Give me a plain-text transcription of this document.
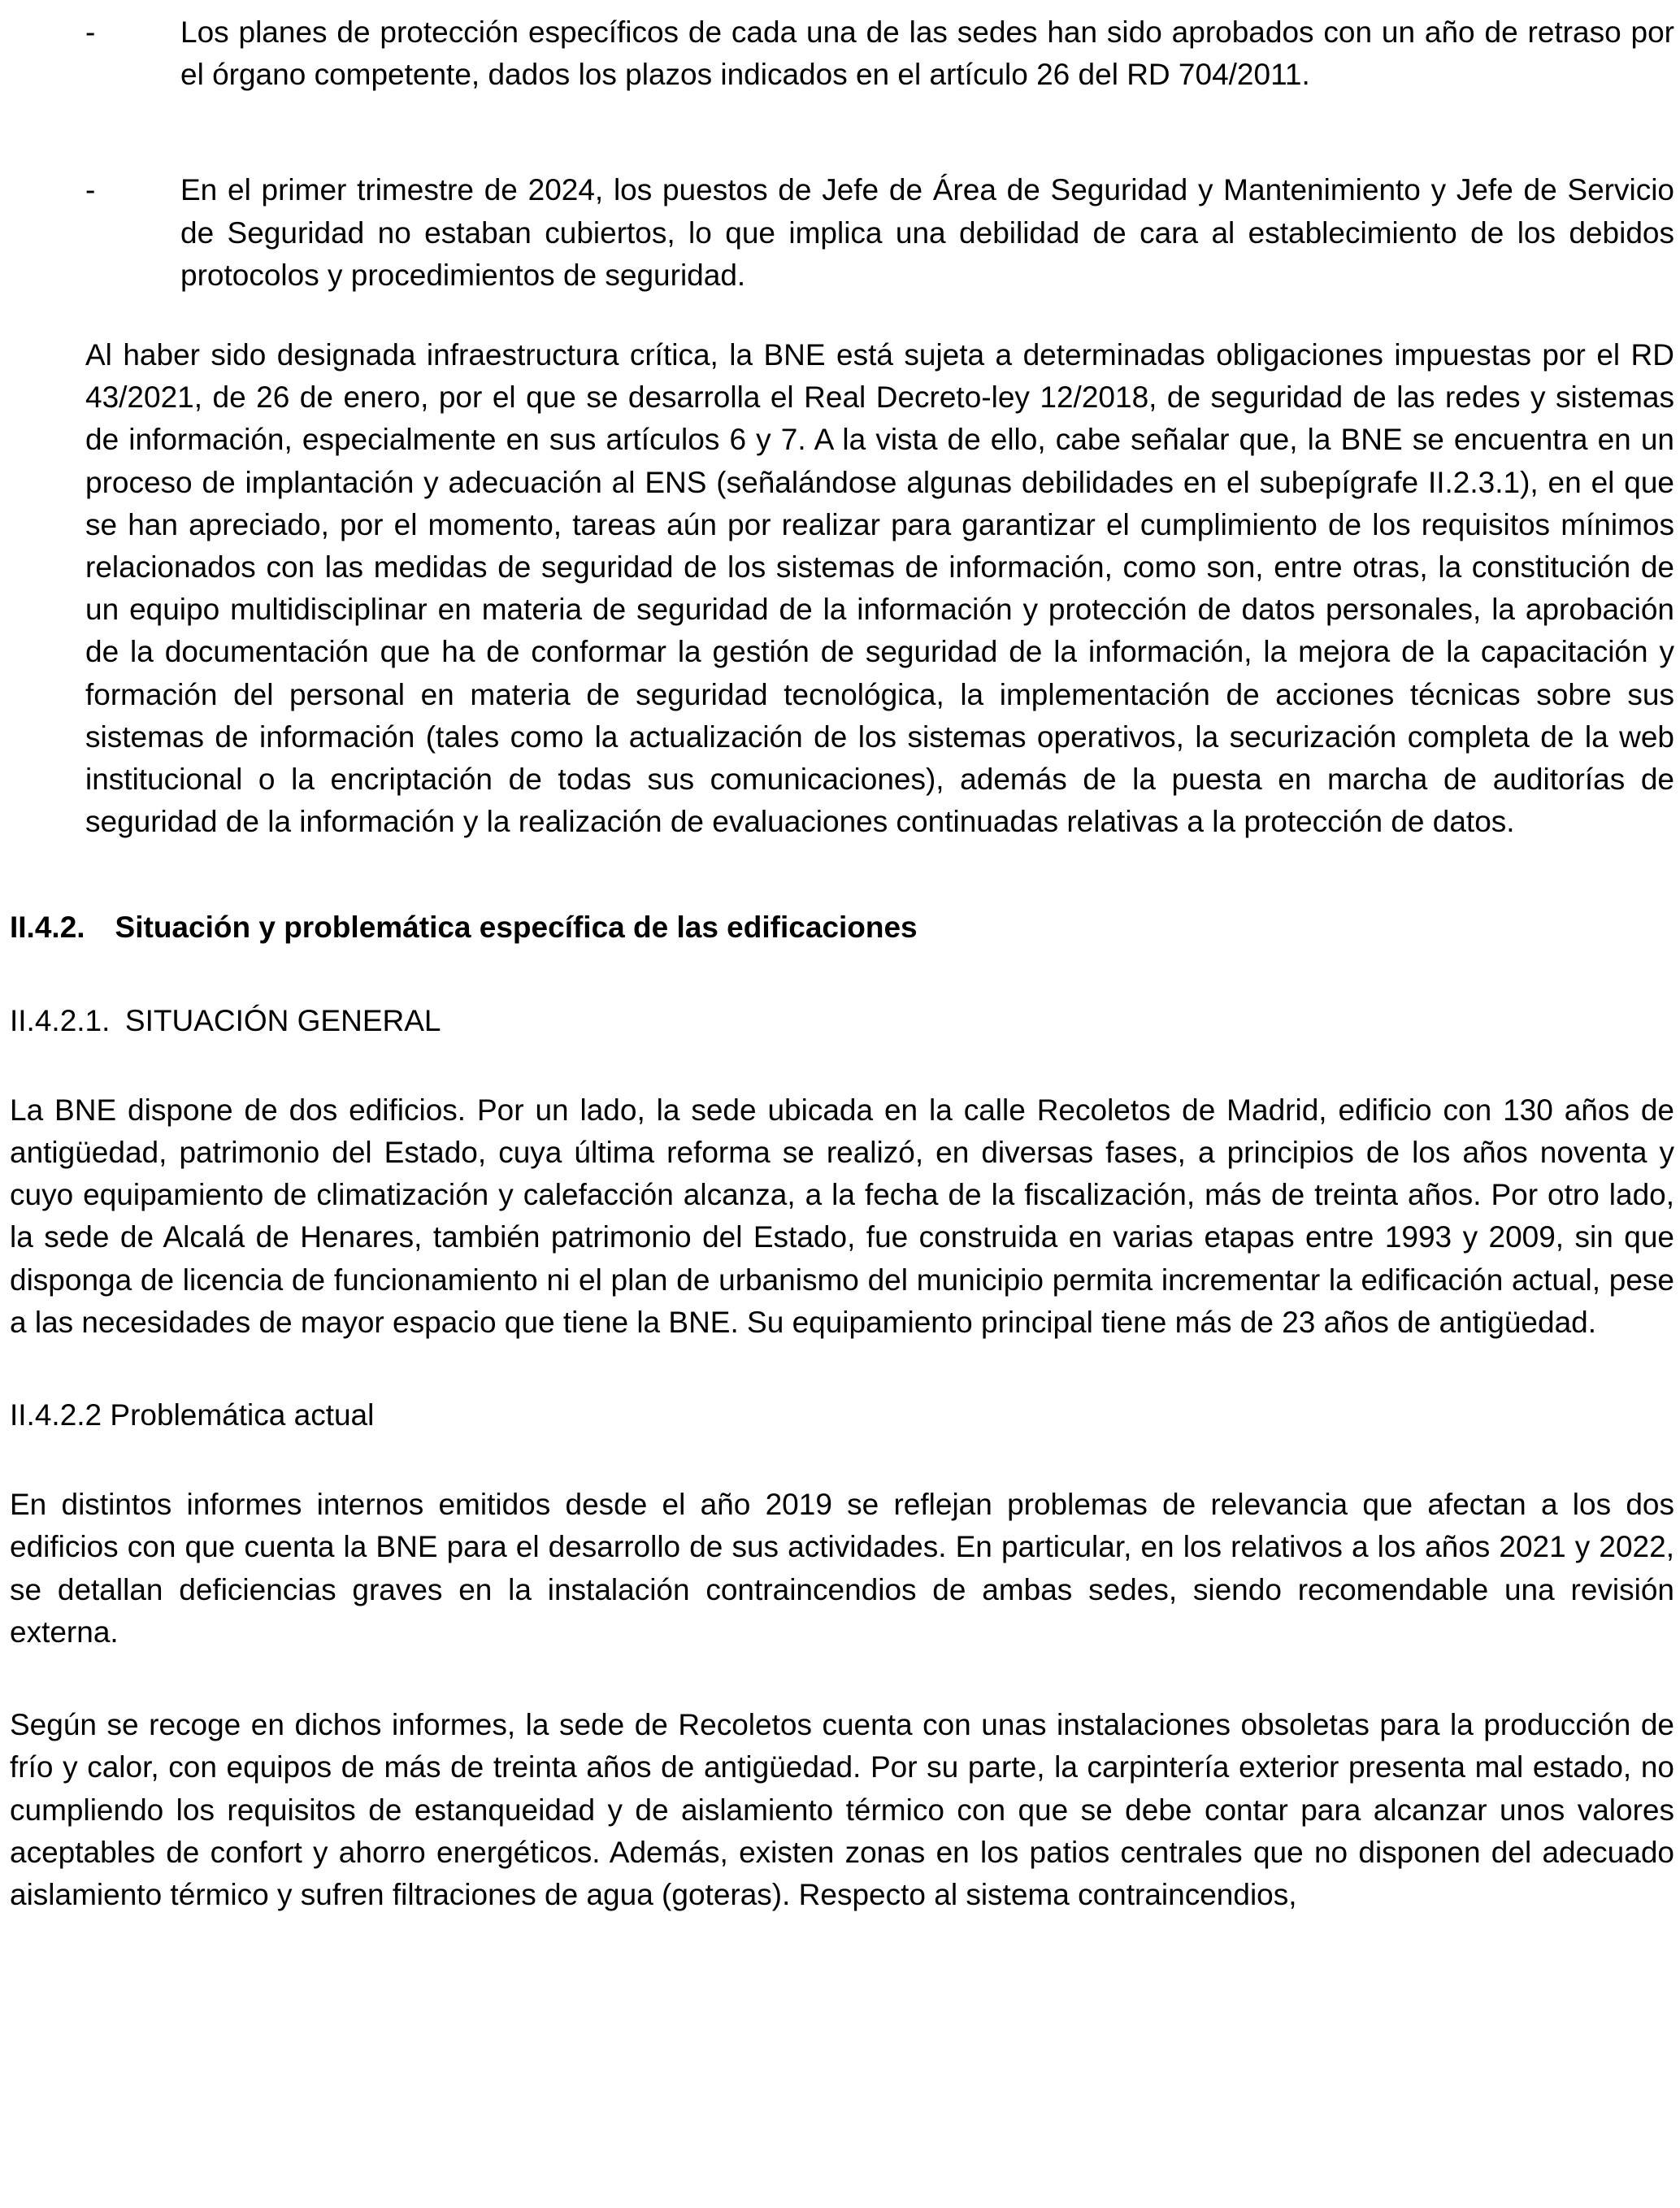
-	Los planes de protección específicos de cada una de las sedes han sido aprobados con un año de retraso por el órgano competente, dados los plazos indicados en el artículo 26 del RD 704/2011.
-	En el primer trimestre de 2024, los puestos de Jefe de Área de Seguridad y Mantenimiento y Jefe de Servicio de Seguridad no estaban cubiertos, lo que implica una debilidad de cara al establecimiento de los debidos protocolos y procedimientos de seguridad.

Al haber sido designada infraestructura crítica, la BNE está sujeta a determinadas obligaciones impuestas por el RD 43/2021, de 26 de enero, por el que se desarrolla el Real Decreto-ley 12/2018, de seguridad de las redes y sistemas de información, especialmente en sus artículos 6 y 7. A la vista de ello, cabe señalar que, la BNE se encuentra en un proceso de implantación y adecuación al ENS (señalándose algunas debilidades en el subepígrafe II.2.3.1), en el que se han apreciado, por el momento, tareas aún por realizar para garantizar el cumplimiento de los requisitos mínimos relacionados con las medidas de seguridad de los sistemas de información, como son, entre otras, la constitución de un equipo multidisciplinar en materia de seguridad de la información y protección de datos personales, la aprobación de la documentación que ha de conformar la gestión de seguridad de la información, la mejora de la capacitación y formación del personal en materia de seguridad tecnológica, la implementación de acciones técnicas sobre sus sistemas de información (tales como la actualización de los sistemas operativos, la securización completa de la web institucional o la encriptación de todas sus comunicaciones), además de la puesta en marcha de auditorías de seguridad de la información y la realización de evaluaciones continuadas relativas a la protección de datos.

II.4.2. Situación y problemática específica de las edificaciones
II.4.2.1. SITUACIÓN GENERAL

La BNE dispone de dos edificios. Por un lado, la sede ubicada en la calle Recoletos de Madrid, edificio con 130 años de antigüedad, patrimonio del Estado, cuya última reforma se realizó, en diversas fases, a principios de los años noventa y cuyo equipamiento de climatización y calefacción alcanza, a la fecha de la fiscalización, más de treinta años. Por otro lado, la sede de Alcalá de Henares, también patrimonio del Estado, fue construida en varias etapas entre 1993 y 2009, sin que disponga de licencia de funcionamiento ni el plan de urbanismo del municipio permita incrementar la edificación actual, pese a las necesidades de mayor espacio que tiene la BNE. Su equipamiento principal tiene más de 23 años de antigüedad.

II.4.2.2 Problemática actual

En distintos informes internos emitidos desde el año 2019 se reflejan problemas de relevancia que afectan a los dos edificios con que cuenta la BNE para el desarrollo de sus actividades. En particular, en los relativos a los años 2021 y 2022, se detallan deficiencias graves en la instalación contraincendios de ambas sedes, siendo recomendable una revisión externa.

Según se recoge en dichos informes, la sede de Recoletos cuenta con unas instalaciones obsoletas para la producción de frío y calor, con equipos de más de treinta años de antigüedad. Por su parte, la carpintería exterior presenta mal estado, no cumpliendo los requisitos de estanqueidad y de aislamiento térmico con que se debe contar para alcanzar unos valores aceptables de confort y ahorro energéticos. Además, existen zonas en los patios centrales que no disponen del adecuado aislamiento térmico y sufren filtraciones de agua (goteras). Respecto al sistema contraincendios,
